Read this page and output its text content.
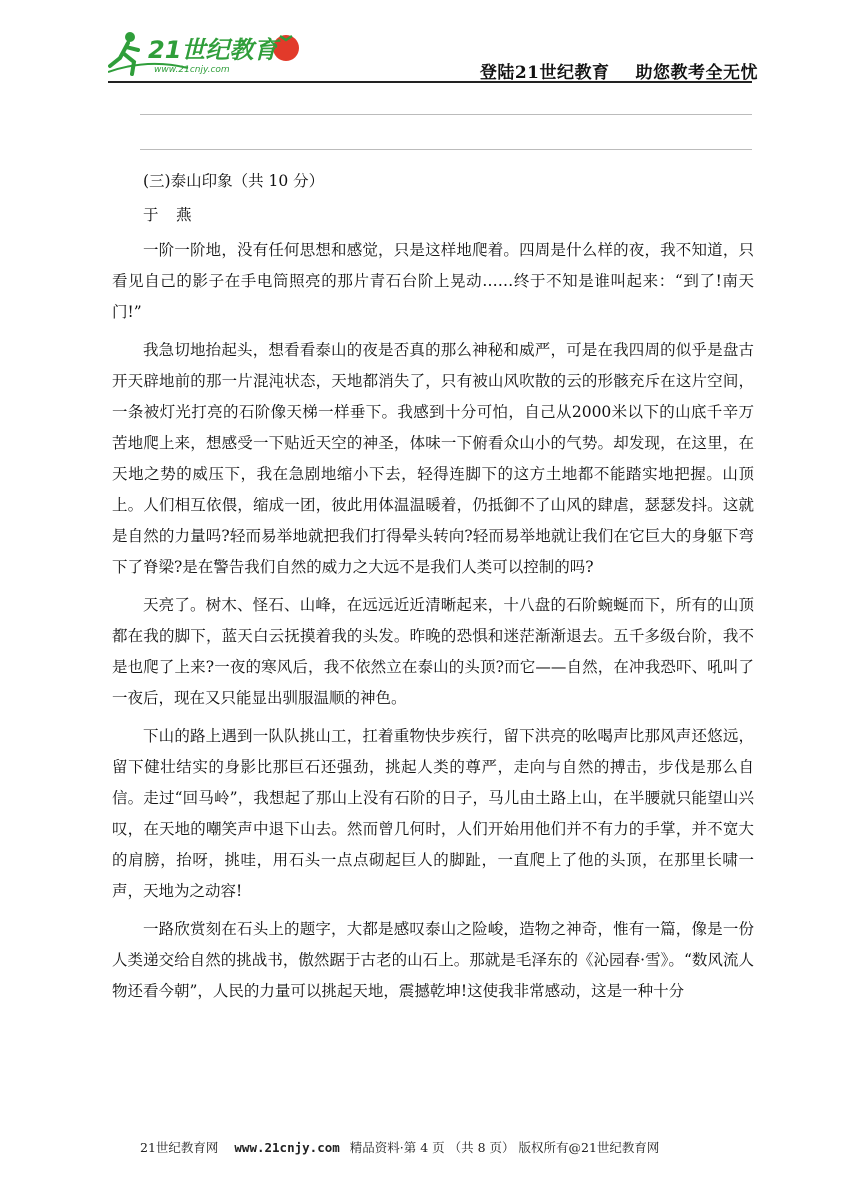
21世纪教育
www.21cnjy.com	登陆21世纪教育 助您教考全无忧

(三)泰山印象（共 10 分）

于　燕

一阶一阶地，没有任何思想和感觉，只是这样地爬着。四周是什么样的夜，我不知道，只看见自己的影子在手电筒照亮的那片青石台阶上晃动……终于不知是谁叫起来：“到了!南天门!”

我急切地抬起头，想看看泰山的夜是否真的那么神秘和威严，可是在我四周的似乎是盘古开天辟地前的那一片混沌状态，天地都消失了，只有被山风吹散的云的形骸充斥在这片空间，一条被灯光打亮的石阶像天梯一样垂下。我感到十分可怕，自己从2000米以下的山底千辛万苦地爬上来，想感受一下贴近天空的神圣，体味一下俯看众山小的气势。却发现，在这里，在天地之势的威压下，我在急剧地缩小下去，轻得连脚下的这方土地都不能踏实地把握。山顶上。人们相互依偎，缩成一团，彼此用体温温暖着，仍抵御不了山风的肆虐，瑟瑟发抖。这就是自然的力量吗?轻而易举地就把我们打得晕头转向?轻而易举地就让我们在它巨大的身躯下弯下了脊梁?是在警告我们自然的威力之大远不是我们人类可以控制的吗?

天亮了。树木、怪石、山峰，在远远近近清晰起来，十八盘的石阶蜿蜒而下，所有的山顶都在我的脚下，蓝天白云抚摸着我的头发。昨晚的恐惧和迷茫渐渐退去。五千多级台阶，我不是也爬了上来?一夜的寒风后，我不依然立在泰山的头顶?而它——自然，在冲我恐吓、吼叫了一夜后，现在又只能显出驯服温顺的神色。

下山的路上遇到一队队挑山工，扛着重物快步疾行，留下洪亮的吆喝声比那风声还悠远，留下健壮结实的身影比那巨石还强劲，挑起人类的尊严，走向与自然的搏击，步伐是那么自信。走过“回马岭”，我想起了那山上没有石阶的日子，马儿由土路上山，在半腰就只能望山兴叹，在天地的嘲笑声中退下山去。然而曾几何时，人们开始用他们并不有力的手掌，并不宽大的肩膀，抬呀，挑哇，用石头一点点砌起巨人的脚趾，一直爬上了他的头顶，在那里长啸一声，天地为之动容!

一路欣赏刻在石头上的题字，大都是感叹泰山之险峻，造物之神奇，惟有一篇，像是一份人类递交给自然的挑战书，傲然踞于古老的山石上。那就是毛泽东的《沁园春·雪》。“数风流人物还看今朝”，人民的力量可以挑起天地，震撼乾坤!这使我非常感动，这是一种十分

21世纪教育网 www.21cnjy.com 精品资料·第 4 页 （共 8 页） 版权所有@21世纪教育网
